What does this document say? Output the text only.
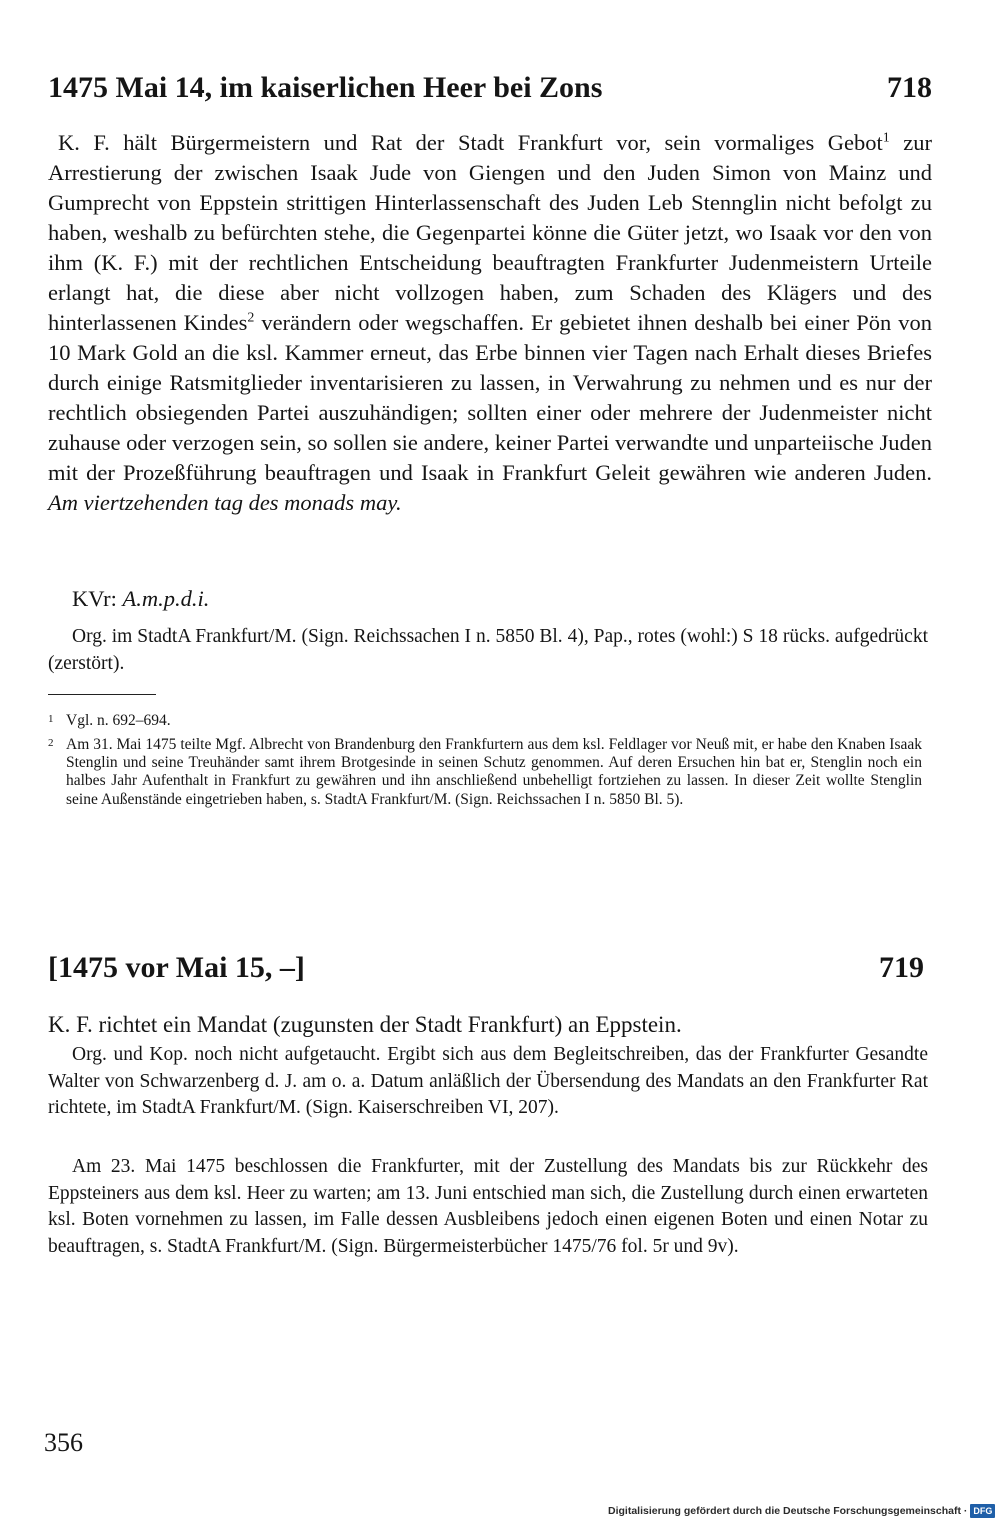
1475 Mai 14, im kaiserlichen Heer bei Zons	718

K. F. hält Bürgermeistern und Rat der Stadt Frankfurt vor, sein vormaliges Gebot$^1$ zur Arrestierung der zwischen Isaak Jude von Giengen und den Juden Simon von Mainz und Gumprecht von Eppstein strittigen Hinterlassenschaft des Juden Leb Stennglin nicht befolgt zu haben, weshalb zu befürchten stehe, die Gegenpartei könne die Güter jetzt, wo Isaak vor den von ihm (K. F.) mit der rechtlichen Entscheidung beauftragten Frankfurter Judenmeistern Urteile erlangt hat, die diese aber nicht vollzogen haben, zum Schaden des Klägers und des hinterlassenen Kindes$^2$ verändern oder wegschaffen. Er gebietet ihnen deshalb bei einer Pön von 10 Mark Gold an die ksl. Kammer erneut, das Erbe binnen vier Tagen nach Erhalt dieses Briefes durch einige Ratsmitglieder inventarisieren zu lassen, in Verwahrung zu nehmen und es nur der rechtlich obsiegenden Partei auszuhändigen; sollten einer oder mehrere der Judenmeister nicht zuhause oder verzogen sein, so sollen sie andere, keiner Partei verwandte und unparteiische Juden mit der Prozeßführung beauftragen und Isaak in Frankfurt Geleit gewähren wie anderen Juden. Am viertzehenden tag des monads may.

KVr: A.m.p.d.i.

Org. im StadtA Frankfurt/M. (Sign. Reichssachen I n. 5850 Bl. 4), Pap., rotes (wohl:) S 18 rücks. aufgedrückt (zerstört).

1 Vgl. n. 692–694.

2 Am 31. Mai 1475 teilte Mgf. Albrecht von Brandenburg den Frankfurtern aus dem ksl. Feldlager vor Neuß mit, er habe den Knaben Isaak Stenglin und seine Treuhänder samt ihrem Brotgesinde in seinen Schutz genommen. Auf deren Ersuchen hin bat er, Stenglin noch ein halbes Jahr Aufenthalt in Frankfurt zu gewähren und ihn anschließend unbehelligt fortziehen zu lassen. In dieser Zeit wollte Stenglin seine Außenstände eingetrieben haben, s. StadtA Frankfurt/M. (Sign. Reichssachen I n. 5850 Bl. 5).

[1475 vor Mai 15, –]	719

K. F. richtet ein Mandat (zugunsten der Stadt Frankfurt) an Eppstein.

Org. und Kop. noch nicht aufgetaucht. Ergibt sich aus dem Begleitschreiben, das der Frankfurter Gesandte Walter von Schwarzenberg d. J. am o. a. Datum anläßlich der Übersendung des Mandats an den Frankfurter Rat richtete, im StadtA Frankfurt/M. (Sign. Kaiserschreiben VI, 207).

Am 23. Mai 1475 beschlossen die Frankfurter, mit der Zustellung des Mandats bis zur Rückkehr des Eppsteiners aus dem ksl. Heer zu warten; am 13. Juni entschied man sich, die Zustellung durch einen erwarteten ksl. Boten vornehmen zu lassen, im Falle dessen Ausbleibens jedoch einen eigenen Boten und einen Notar zu beauftragen, s. StadtA Frankfurt/M. (Sign. Bürgermeisterbücher 1475/76 fol. 5r und 9v).

356
Digitalisierung gefördert durch die Deutsche Forschungsgemeinschaft · DFG
